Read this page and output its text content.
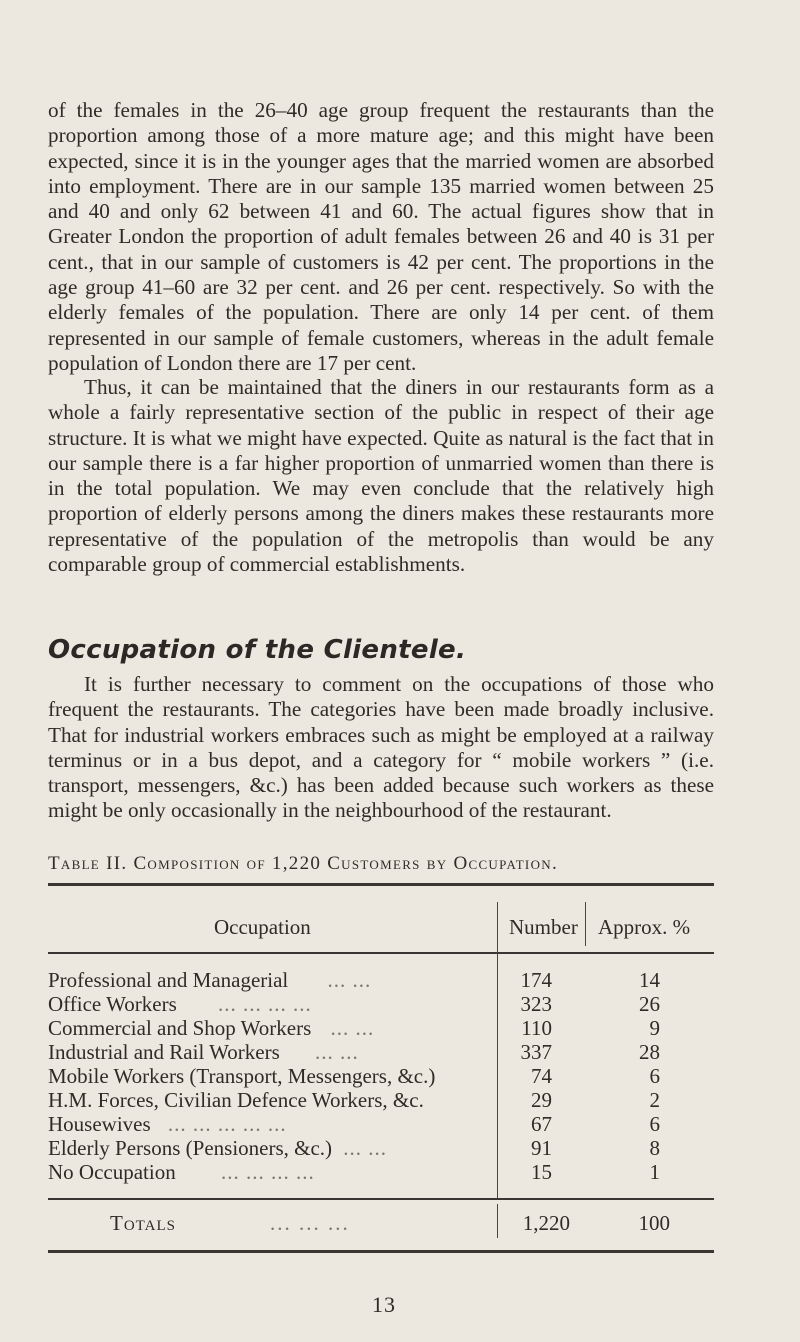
of the females in the 26–40 age group frequent the restaurants than the proportion among those of a more mature age; and this might have been expected, since it is in the younger ages that the married women are absorbed into employment. There are in our sample 135 married women between 25 and 40 and only 62 between 41 and 60. The actual figures show that in Greater London the proportion of adult females between 26 and 40 is 31 per cent., that in our sample of customers is 42 per cent. The proportions in the age group 41–60 are 32 per cent. and 26 per cent. respectively. So with the elderly females of the population. There are only 14 per cent. of them represented in our sample of female customers, whereas in the adult female population of London there are 17 per cent.

Thus, it can be maintained that the diners in our restaurants form as a whole a fairly representative section of the public in respect of their age structure. It is what we might have expected. Quite as natural is the fact that in our sample there is a far higher proportion of unmarried women than there is in the total population. We may even conclude that the relatively high proportion of elderly persons among the diners makes these restaurants more representative of the population of the metropolis than would be any comparable group of commercial establishments.

Occupation of the Clientele.

It is further necessary to comment on the occupations of those who frequent the restaurants. The categories have been made broadly inclusive. That for industrial workers embraces such as might be employed at a railway terminus or in a bus depot, and a category for “ mobile workers ” (i.e. transport, messengers, &c.) has been added because such workers as these might be only occasionally in the neighbourhood of the restaurant.

Table II. Composition of 1,220 Customers by Occupation.
Occupation	Number Approx. %
Professional and Managerial ... ...	174	14
Office Workers ... ... ... ...	323	26
Commercial and Shop Workers ... ...	110	9
Industrial and Rail Workers ... ...	337	28
Mobile Workers (Transport, Messengers, &c.)	74	6
H.M. Forces, Civilian Defence Workers, &c.	29	2
Housewives ... ... ... ... ...	67	6
Elderly Persons (Pensioners, &c.) ... ...	91	8
No Occupation ... ... ... ...	15	1
Totals	... ... ...	1,220	100
13
